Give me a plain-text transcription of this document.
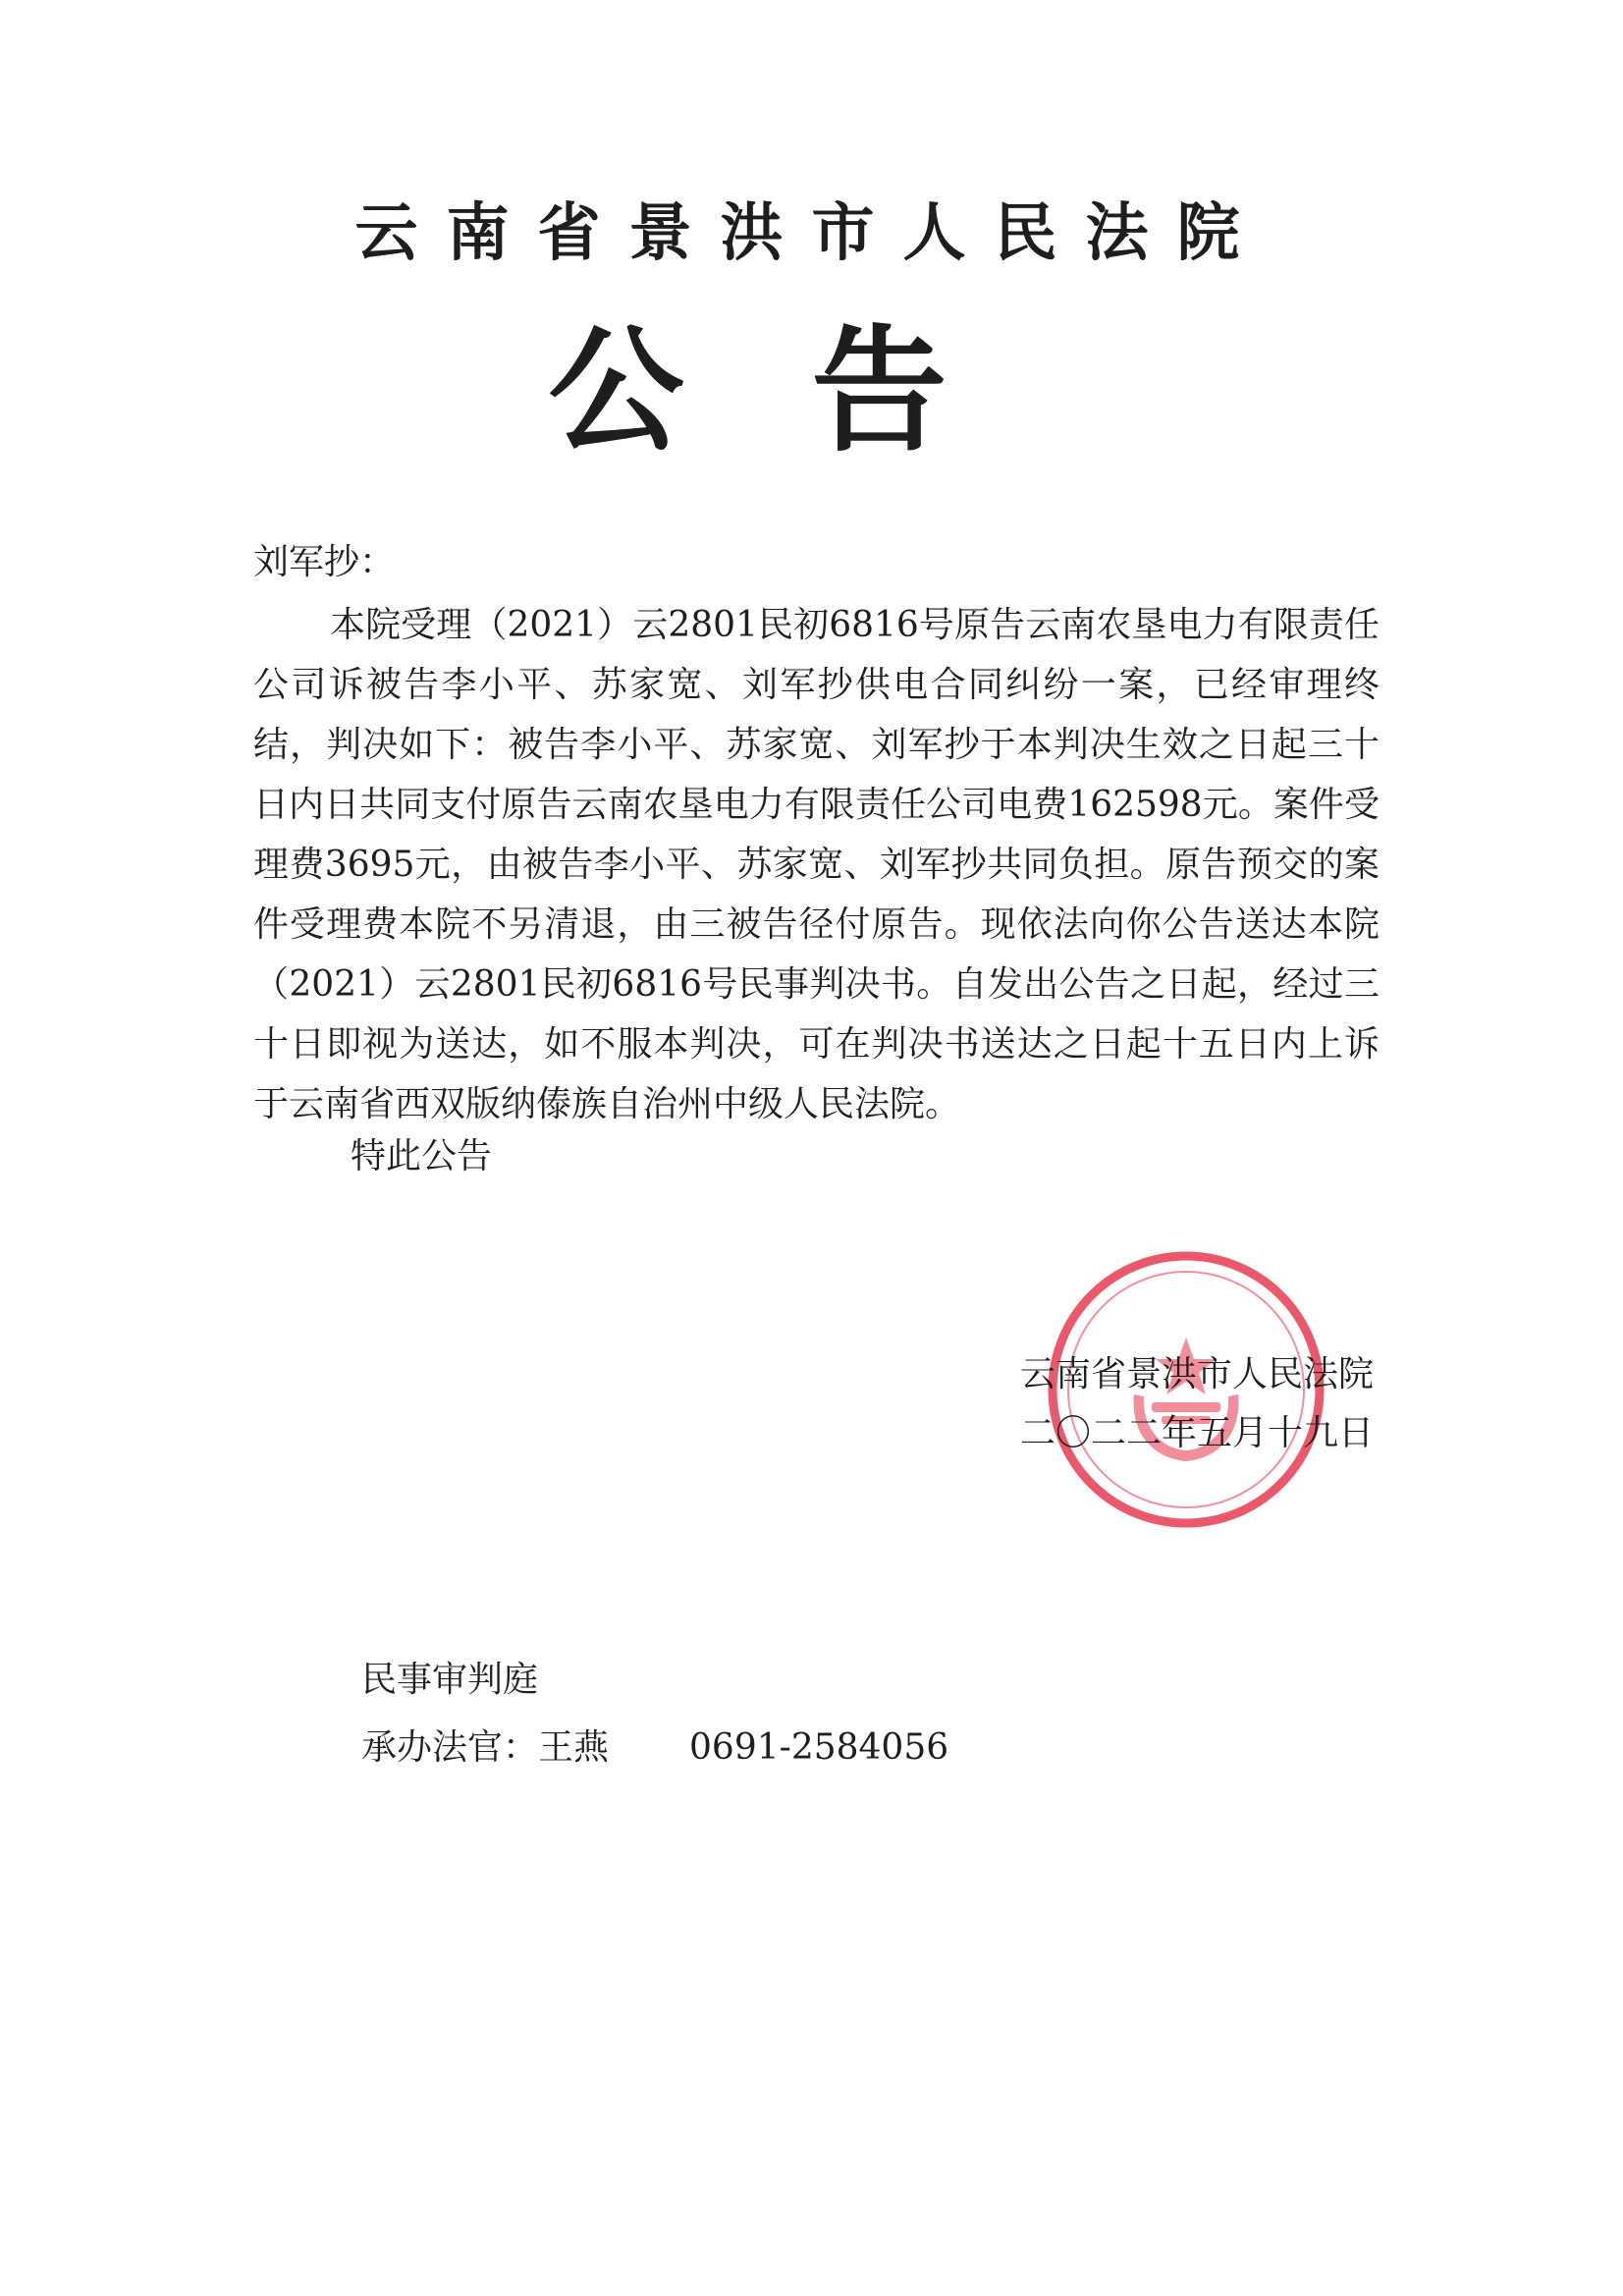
云南省景洪市人民法院
公告
刘军抄：

本院受理（2021）云2801民初6816号原告云南农垦电力有限责任公司诉被告李小平、苏家宽、刘军抄供电合同纠纷一案，已经审理终结，判决如下：被告李小平、苏家宽、刘军抄于本判决生效之日起三十日内日共同支付原告云南农垦电力有限责任公司电费162598元。案件受理费3695元，由被告李小平、苏家宽、刘军抄共同负担。原告预交的案件受理费本院不另清退，由三被告径付原告。现依法向你公告送达本院（2021）云2801民初6816号民事判决书。自发出公告之日起，经过三十日即视为送达，如不服本判决，可在判决书送达之日起十五日内上诉于云南省西双版纳傣族自治州中级人民法院。

特此公告
云南省景洪市人民法院
二〇二二年五月十九日
民事审判庭
承办法官：王燕 0691-2584056
